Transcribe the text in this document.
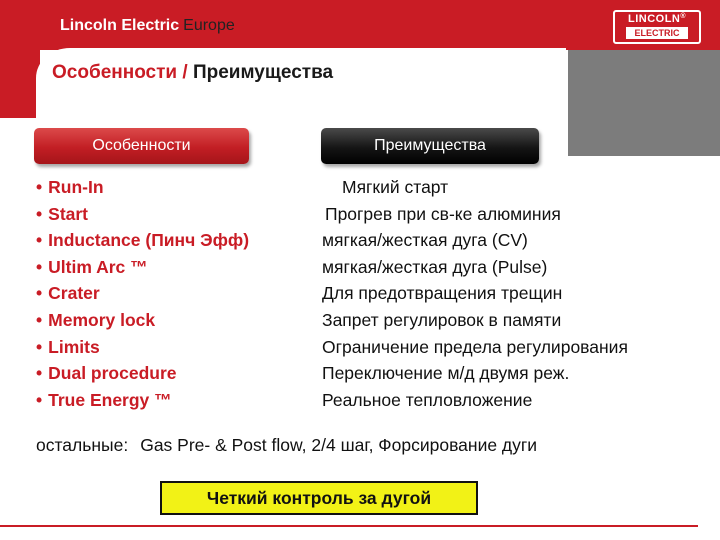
Lincoln Electric Europe	LINCOLN®
ELECTRIC
Особенности / Преимущества
Особенности	Преимущества
• Run-In
• Start
• Inductance (Пинч Эфф)
• Ultim Arc ™
• Crater
• Memory lock
• Limits
• Dual procedure
• True Energy ™
Мягкий старт
Прогрев при св-ке алюминия
мягкая/жесткая дуга (CV)
мягкая/жесткая дуга (Pulse)
Для предотвращения трещин
Запрет регулировок в памяти
Ограничение предела регулирования
Переключение м/д двумя реж.
Реальное тепловложение
остальные: Gas Pre- & Post flow, 2/4 шаг, Форсирование дуги
Четкий контроль за дугой
